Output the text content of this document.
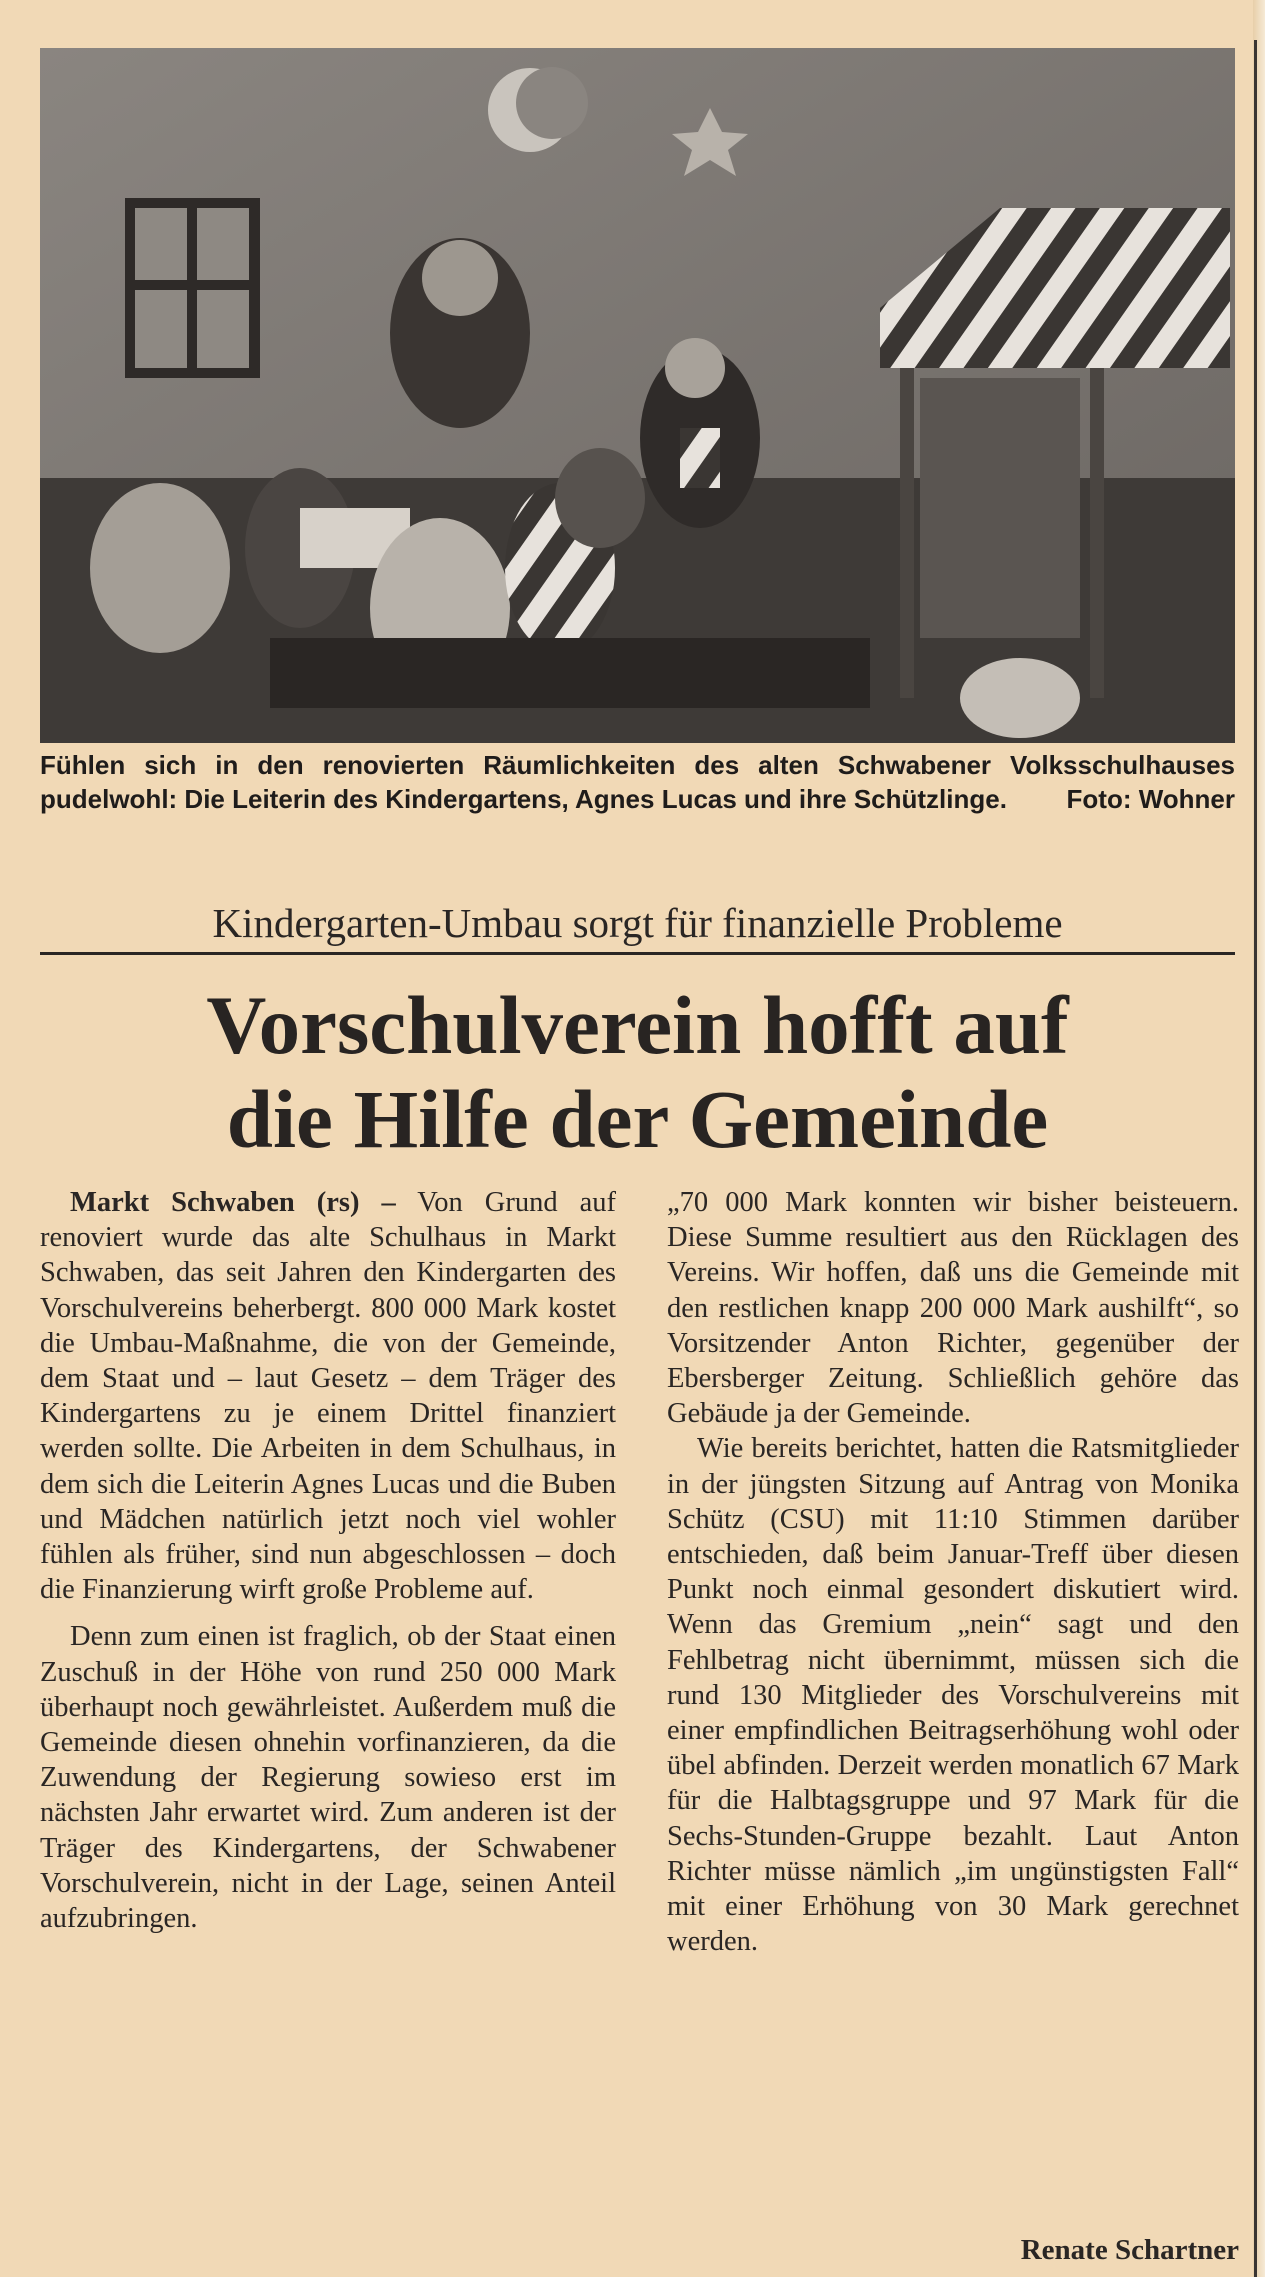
Fühlen sich in den renovierten Räumlichkeiten des alten Schwabener Volksschulhauses pudelwohl: Die Leiterin des Kindergartens, Agnes Lucas und ihre Schützlinge. Foto: Wohner
Kindergarten-Umbau sorgt für finanzielle Probleme
Vorschulverein hofft auf
die Hilfe der Gemeinde

Markt Schwaben (rs) – Von Grund auf renoviert wurde das alte Schulhaus in Markt Schwaben, das seit Jahren den Kindergarten des Vorschulvereins beherbergt. 800 000 Mark kostet die Umbau-Maßnahme, die von der Gemeinde, dem Staat und – laut Gesetz – dem Träger des Kindergartens zu je einem Drittel finanziert werden sollte. Die Arbeiten in dem Schulhaus, in dem sich die Leiterin Agnes Lucas und die Buben und Mädchen natürlich jetzt noch viel wohler fühlen als früher, sind nun abgeschlossen – doch die Finanzierung wirft große Probleme auf.

Denn zum einen ist fraglich, ob der Staat einen Zuschuß in der Höhe von rund 250 000 Mark überhaupt noch gewährleistet. Außerdem muß die Gemeinde diesen ohnehin vorfinanzieren, da die Zuwendung der Regierung sowieso erst im nächsten Jahr erwartet wird. Zum anderen ist der Träger des Kindergartens, der Schwabener Vorschulverein, nicht in der Lage, seinen Anteil aufzubringen.

„70 000 Mark konnten wir bisher beisteuern. Diese Summe resultiert aus den Rücklagen des Vereins. Wir hoffen, daß uns die Gemeinde mit den restlichen knapp 200 000 Mark aushilft“, so Vorsitzender Anton Richter, gegenüber der Ebersberger Zeitung. Schließlich gehöre das Gebäude ja der Gemeinde.

Wie bereits berichtet, hatten die Ratsmitglieder in der jüngsten Sitzung auf Antrag von Monika Schütz (CSU) mit 11:10 Stimmen darüber entschieden, daß beim Januar-Treff über diesen Punkt noch einmal gesondert diskutiert wird. Wenn das Gremium „nein“ sagt und den Fehlbetrag nicht übernimmt, müssen sich die rund 130 Mitglieder des Vorschulvereins mit einer empfindlichen Beitragserhöhung wohl oder übel abfinden. Derzeit werden monatlich 67 Mark für die Halbtagsgruppe und 97 Mark für die Sechs-Stunden-Gruppe bezahlt. Laut Anton Richter müsse nämlich „im ungünstigsten Fall“ mit einer Erhöhung von 30 Mark gerechnet werden.

Renate Schartner
